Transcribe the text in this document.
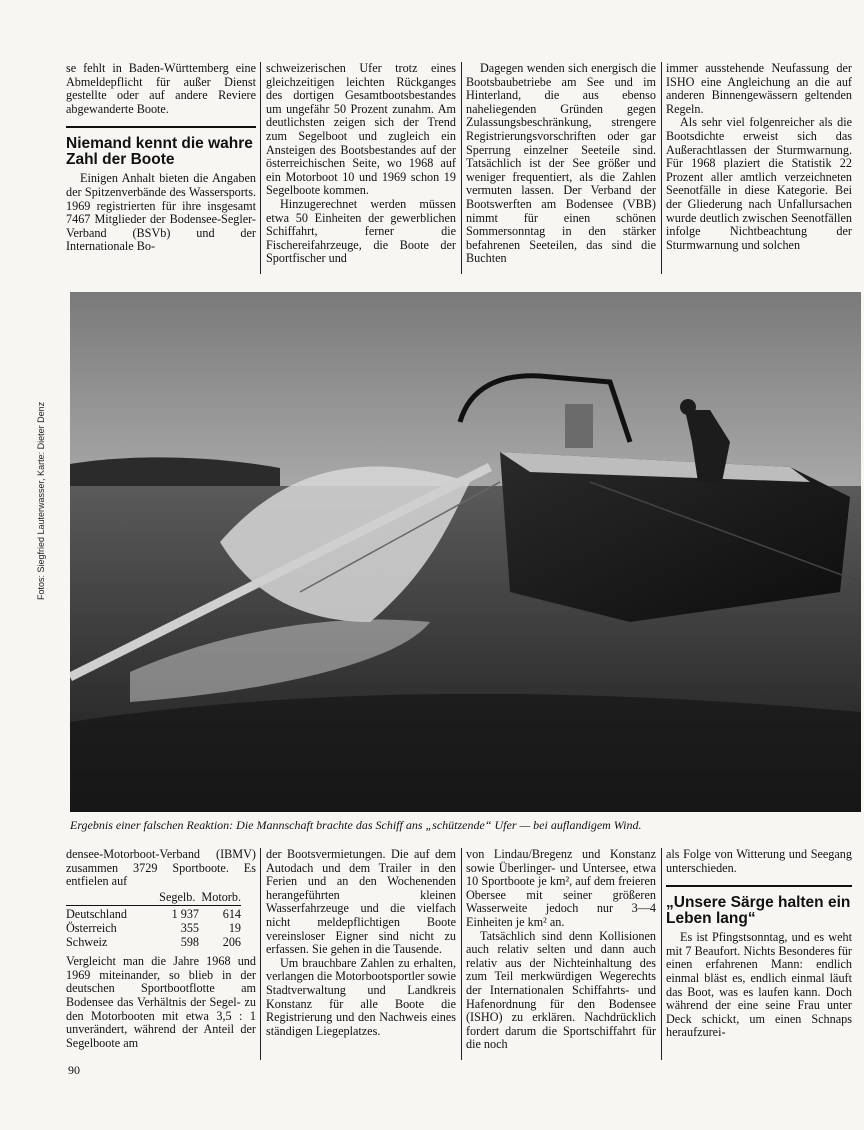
se fehlt in Baden-Württemberg eine Abmeldepflicht für außer Dienst gestellte oder auf andere Reviere abgewanderte Boote.

Niemand kennt die wahre Zahl der Boote

Einigen Anhalt bieten die Angaben der Spitzenverbände des Wassersports. 1969 registrierten für ihre insgesamt 7467 Mitglieder der Bodensee-Segler-Verband (BSVb) und der Internationale Bo-

schweizerischen Ufer trotz eines gleichzeitigen leichten Rückganges des dortigen Gesamtbootsbestandes um ungefähr 50 Prozent zunahm. Am deutlichsten zeigen sich der Trend zum Segelboot und zugleich ein Ansteigen des Bootsbestandes auf der österreichischen Seite, wo 1968 auf ein Motorboot 10 und 1969 schon 19 Segelboote kommen.

Hinzugerechnet werden müssen etwa 50 Einheiten der gewerblichen Schiffahrt, ferner die Fischereifahrzeuge, die Boote der Sportfischer und

Dagegen wenden sich energisch die Bootsbaubetriebe am See und im Hinterland, die aus ebenso naheliegenden Gründen gegen Zulassungsbeschränkung, strengere Registrierungsvorschriften oder gar Sperrung einzelner Seeteile sind. Tatsächlich ist der See größer und weniger frequentiert, als die Zahlen vermuten lassen. Der Verband der Bootswerften am Bodensee (VBB) nimmt für einen schönen Sommersonntag in den stärker befahrenen Seeteilen, das sind die Buchten

immer ausstehende Neufassung der ISHO eine Angleichung an die auf anderen Binnengewässern geltenden Regeln.

Als sehr viel folgenreicher als die Bootsdichte erweist sich das Außerachtlassen der Sturmwarnung. Für 1968 plaziert die Statistik 22 Prozent aller amtlich verzeichneten Seenotfälle in diese Kategorie. Bei der Gliederung nach Unfallursachen wurde deutlich zwischen Seenotfällen infolge Nichtbeachtung der Sturmwarnung und solchen

Fotos: Siegfried Lauterwasser, Karte: Dieter Denz
Ergebnis einer falschen Reaktion: Die Mannschaft brachte das Schiff ans „schützende“ Ufer — bei auflandigem Wind.

densee-Motorboot-Verband (IBMV) zusammen 3729 Sportboote. Es entfielen auf

Segelb. Motorb.
Deutschland	1 937	614
Österreich	355	19
Schweiz	598	206

Vergleicht man die Jahre 1968 und 1969 miteinander, so blieb in der deutschen Sportbootflotte am Bodensee das Verhältnis der Segel- zu den Motorbooten mit etwa 3,5 : 1 unverändert, während der Anteil der Segelboote am

der Bootsvermietungen. Die auf dem Autodach und dem Trailer in den Ferien und an den Wochenenden herangeführten kleinen Wasserfahrzeuge und die vielfach nicht meldepflichtigen Boote vereinsloser Eigner sind nicht zu erfassen. Sie gehen in die Tausende.

Um brauchbare Zahlen zu erhalten, verlangen die Motorbootsportler sowie Stadtverwaltung und Landkreis Konstanz für alle Boote die Registrierung und den Nachweis eines ständigen Liegeplatzes.

von Lindau/Bregenz und Konstanz sowie Überlinger- und Untersee, etwa 10 Sportboote je km², auf dem freieren Obersee mit seiner größeren Wasserweite jedoch nur 3—4 Einheiten je km² an.

Tatsächlich sind denn Kollisionen auch relativ selten und dann auch relativ aus der Nichteinhaltung des zum Teil merkwürdigen Wegerechts der Internationalen Schiffahrts- und Hafenordnung für den Bodensee (ISHO) zu erklären. Nachdrücklich fordert darum die Sportschiffahrt für die noch

als Folge von Witterung und Seegang unterschieden.

„Unsere Särge halten ein Leben lang“

Es ist Pfingstsonntag, und es weht mit 7 Beaufort. Nichts Besonderes für einen erfahrenen Mann: endlich einmal bläst es, endlich einmal läuft das Boot, was es laufen kann. Doch während der eine seine Frau unter Deck schickt, um einen Schnaps heraufzurei-

90
